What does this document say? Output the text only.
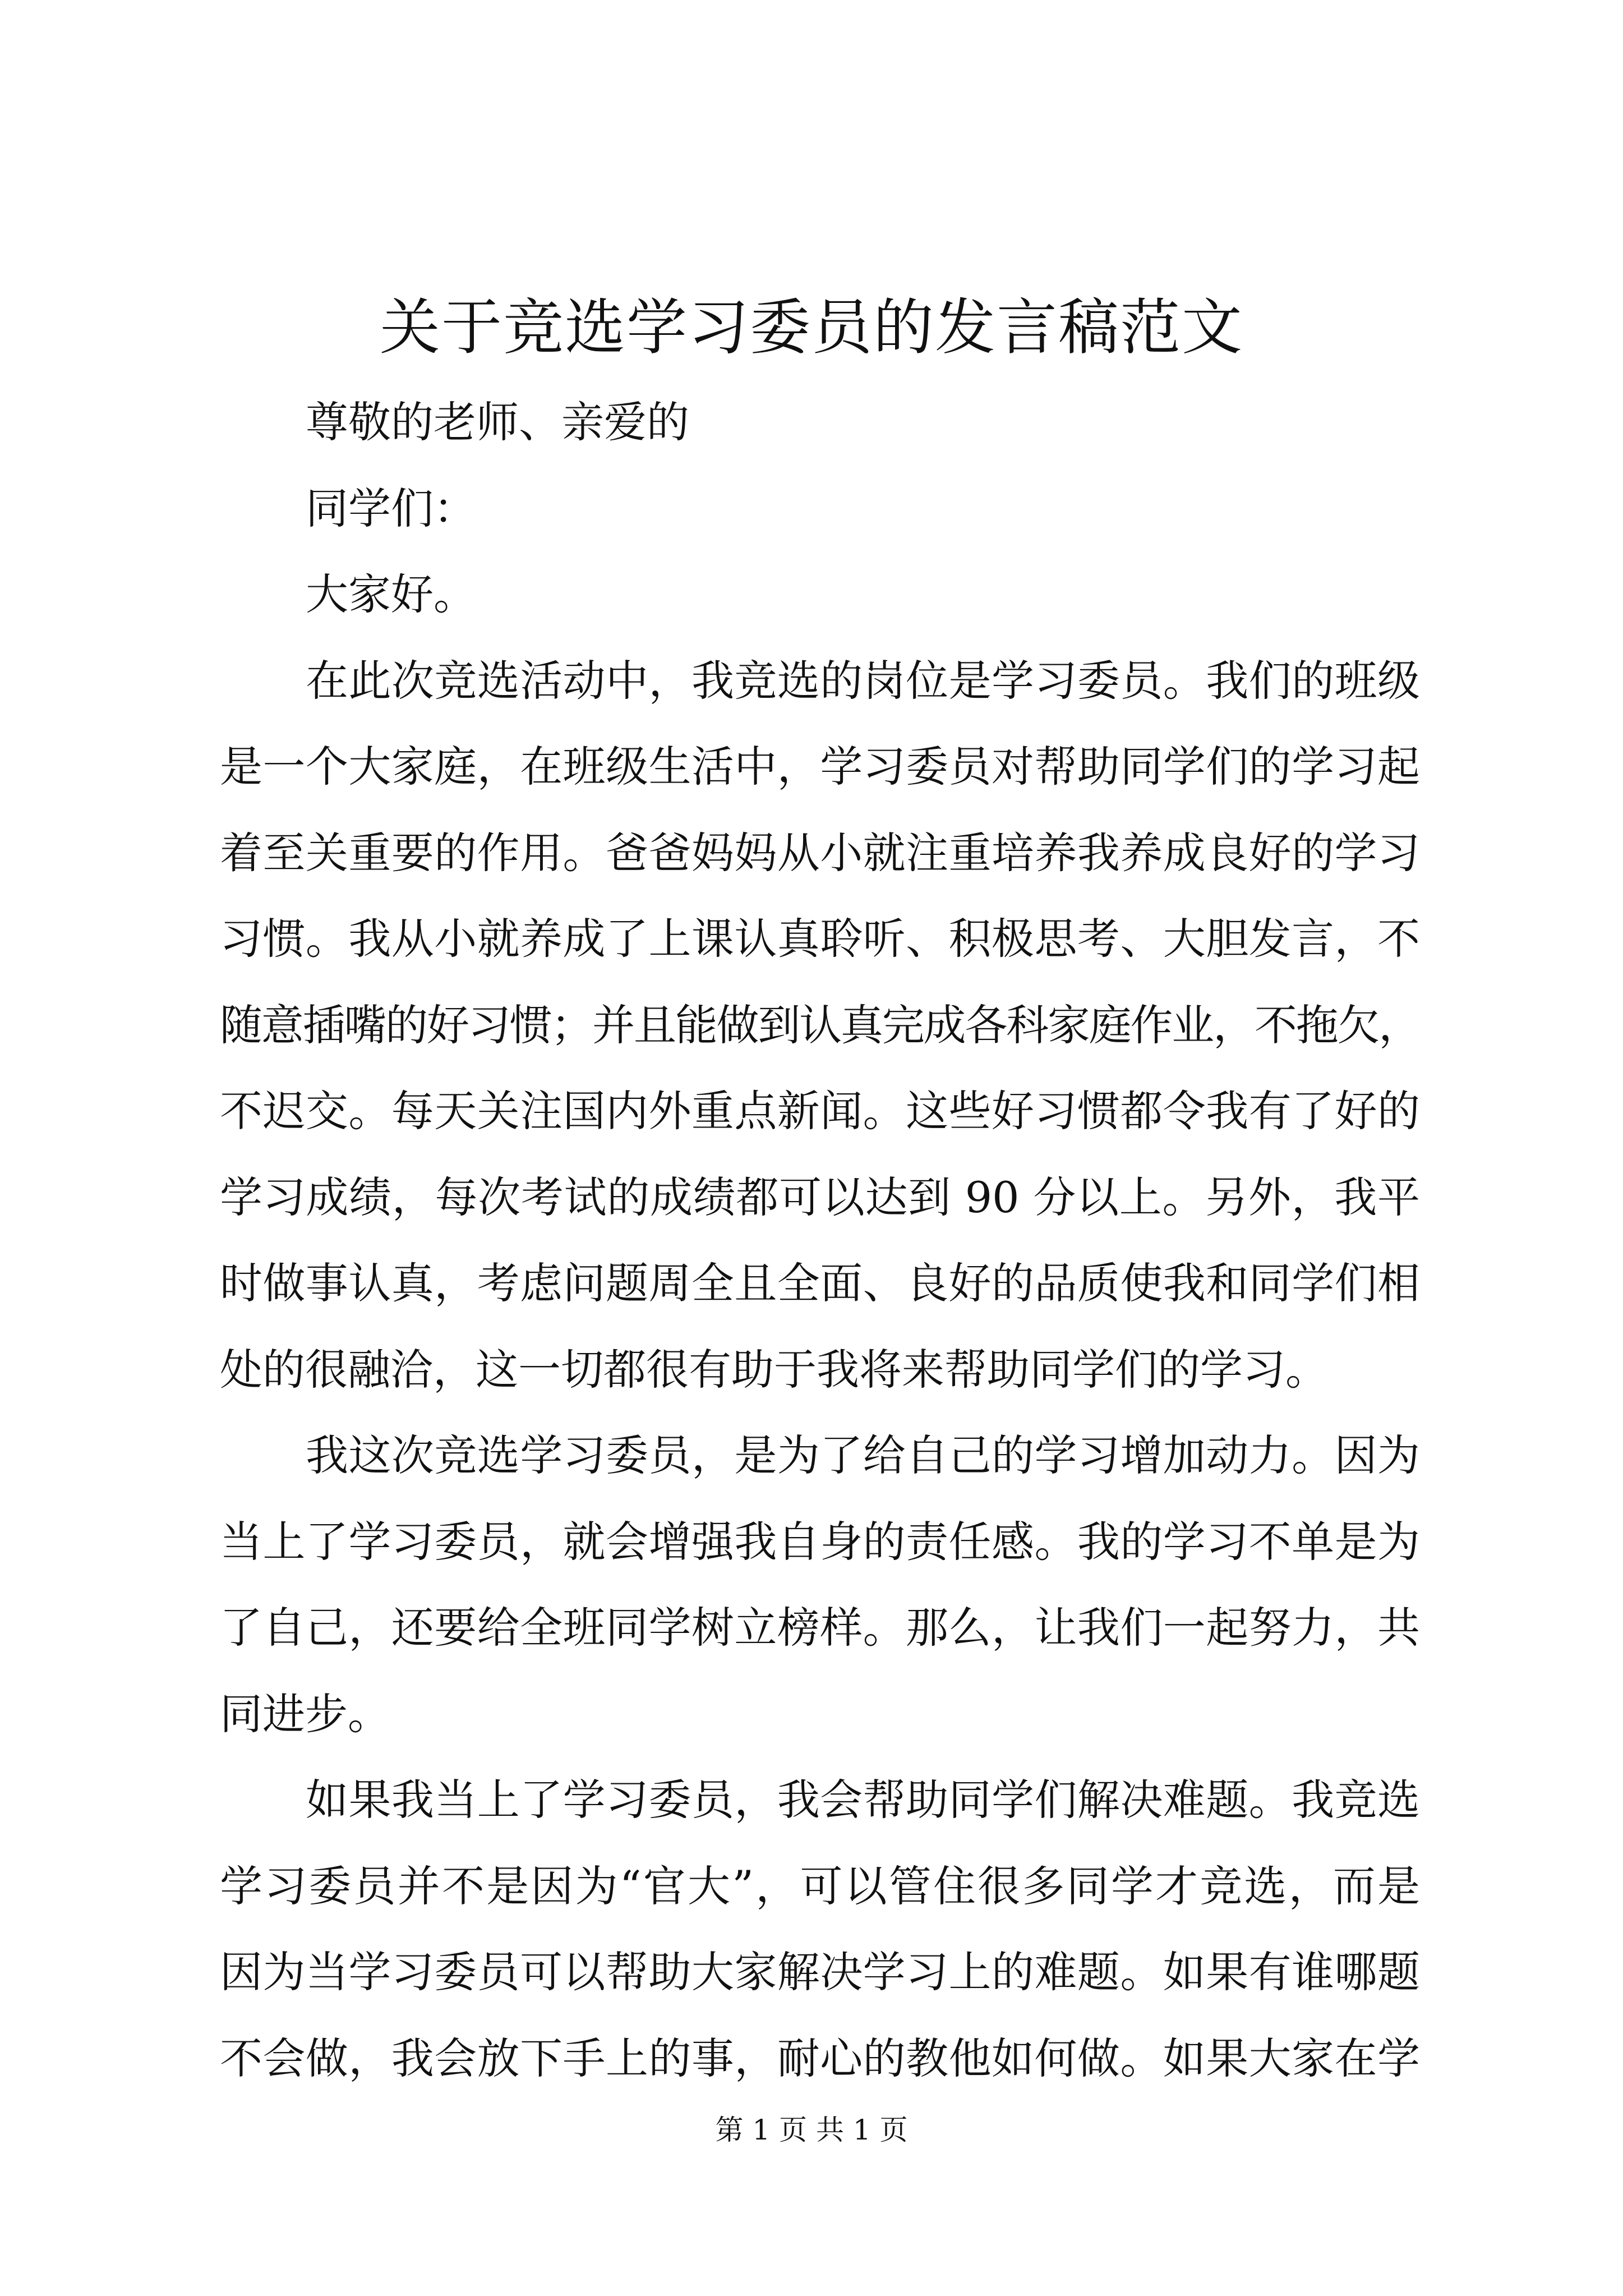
关于竞选学习委员的发言稿范文
尊敬的老师、亲爱的
同学们：
大家好。
在此次竞选活动中，我竞选的岗位是学习委员。我们的班级
是一个大家庭，在班级生活中，学习委员对帮助同学们的学习起
着至关重要的作用。爸爸妈妈从小就注重培养我养成良好的学习
习惯。我从小就养成了上课认真聆听、积极思考、大胆发言，不
随意插嘴的好习惯；并且能做到认真完成各科家庭作业，不拖欠，
不迟交。每天关注国内外重点新闻。这些好习惯都令我有了好的
学习成绩，每次考试的成绩都可以达到 90 分以上。另外，我平
时做事认真，考虑问题周全且全面、良好的品质使我和同学们相
处的很融洽，这一切都很有助于我将来帮助同学们的学习。
我这次竞选学习委员，是为了给自己的学习增加动力。因为
当上了学习委员，就会增强我自身的责任感。我的学习不单是为
了自己，还要给全班同学树立榜样。那么，让我们一起努力，共
同进步。
如果我当上了学习委员，我会帮助同学们解决难题。我竞选
学习委员并不是因为“官大”，可以管住很多同学才竞选，而是
因为当学习委员可以帮助大家解决学习上的难题。如果有谁哪题
不会做，我会放下手上的事，耐心的教他如何做。如果大家在学
第 1 页 共 1 页
